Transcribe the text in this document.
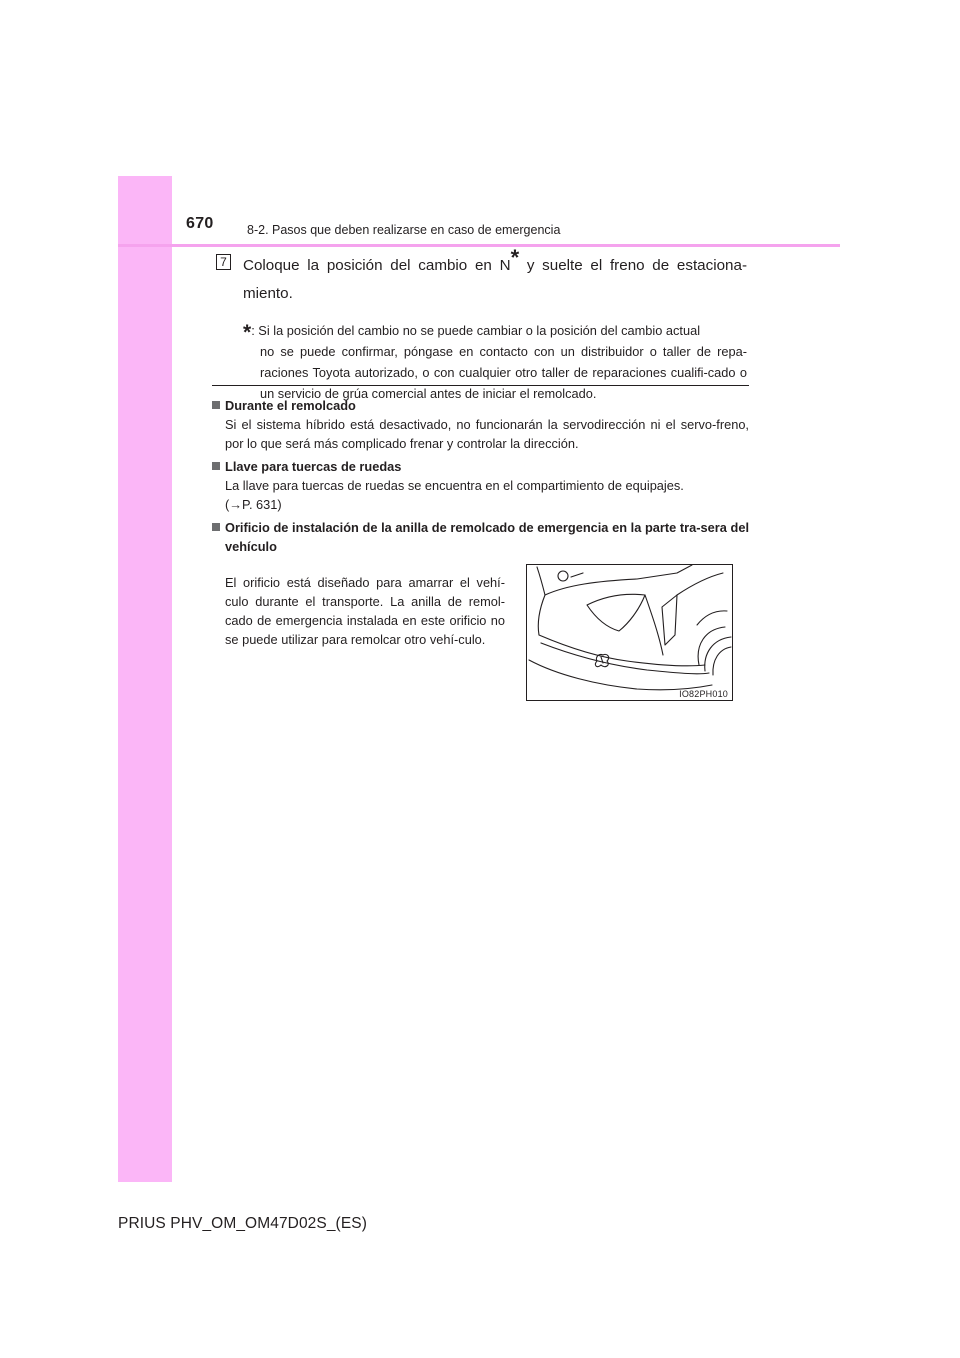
670	8-2. Pasos que deben realizarse en caso de emergencia
7 Coloque la posición del cambio en N* y suelte el freno de estaciona-miento.
*: Si la posición del cambio no se puede cambiar o la posición del cambio actual
no se puede confirmar, póngase en contacto con un distribuidor o taller de repa-raciones Toyota autorizado, o con cualquier otro taller de reparaciones cualifi-cado o un servicio de grúa comercial antes de iniciar el remolcado.
Durante el remolcado
Si el sistema híbrido está desactivado, no funcionarán la servodirección ni el servo-freno, por lo que será más complicado frenar y controlar la dirección.
Llave para tuercas de ruedas
La llave para tuercas de ruedas se encuentra en el compartimiento de equipajes.
(→P. 631)
Orificio de instalación de la anilla de remolcado de emergencia en la parte tra-sera del vehículo
El orificio está diseñado para amarrar el vehí-culo durante el transporte. La anilla de remol-cado de emergencia instalada en este orificio no se puede utilizar para remolcar otro vehí-culo.
IO82PH010
PRIUS PHV_OM_OM47D02S_(ES)
